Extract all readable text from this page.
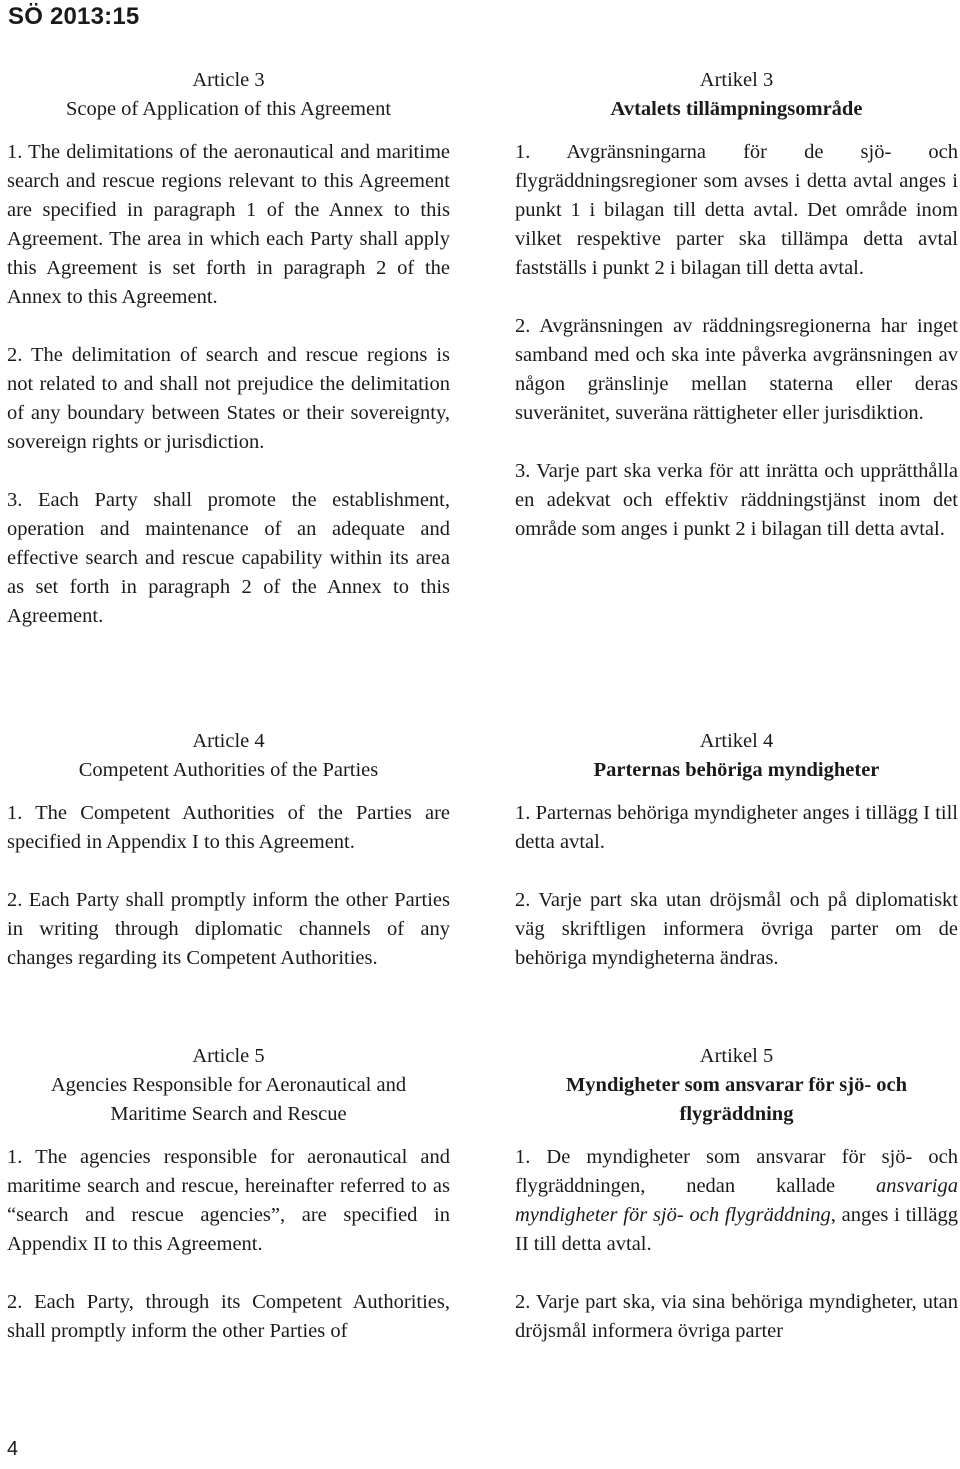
SÖ 2013:15
Article 3
Scope of Application of this Agreement

1. The delimitations of the aeronautical and maritime search and rescue regions relevant to this Agreement are specified in paragraph 1 of the Annex to this Agreement. The area in which each Party shall apply this Agreement is set forth in paragraph 2 of the Annex to this Agreement.

2. The delimitation of search and rescue regions is not related to and shall not prejudice the delimitation of any boundary between States or their sovereignty, sovereign rights or jurisdiction.

3. Each Party shall promote the establishment, operation and maintenance of an adequate and effective search and rescue capability within its area as set forth in paragraph 2 of the Annex to this Agreement.

Artikel 3
Avtalets tillämpningsområde

1. Avgränsningarna för de sjö- och flygräddningsregioner som avses i detta avtal anges i punkt 1 i bilagan till detta avtal. Det område inom vilket respektive parter ska tillämpa detta avtal fastställs i punkt 2 i bilagan till detta avtal.

2. Avgränsningen av räddningsregionerna har inget samband med och ska inte påverka avgränsningen av någon gränslinje mellan staterna eller deras suveränitet, suveräna rättigheter eller jurisdiktion.

3. Varje part ska verka för att inrätta och upprätthålla en adekvat och effektiv räddningstjänst inom det område som anges i punkt 2 i bilagan till detta avtal.

Article 4
Competent Authorities of the Parties

1. The Competent Authorities of the Parties are specified in Appendix I to this Agreement.

2. Each Party shall promptly inform the other Parties in writing through diplomatic channels of any changes regarding its Competent Authorities.

Artikel 4
Parternas behöriga myndigheter

1. Parternas behöriga myndigheter anges i tillägg I till detta avtal.

2. Varje part ska utan dröjsmål och på diplomatiskt väg skriftligen informera övriga parter om de behöriga myndigheterna ändras.

Article 5
Agencies Responsible for Aeronautical and
Maritime Search and Rescue

1. The agencies responsible for aeronautical and maritime search and rescue, hereinafter referred to as “search and rescue agencies”, are specified in Appendix II to this Agreement.

2. Each Party, through its Competent Authorities, shall promptly inform the other Parties of

Artikel 5
Myndigheter som ansvarar för sjö- och
flygräddning

1. De myndigheter som ansvarar för sjö- och flygräddningen, nedan kallade ansvariga myndigheter för sjö- och flygräddning, anges i tillägg II till detta avtal.

2. Varje part ska, via sina behöriga myndigheter, utan dröjsmål informera övriga parter

4
